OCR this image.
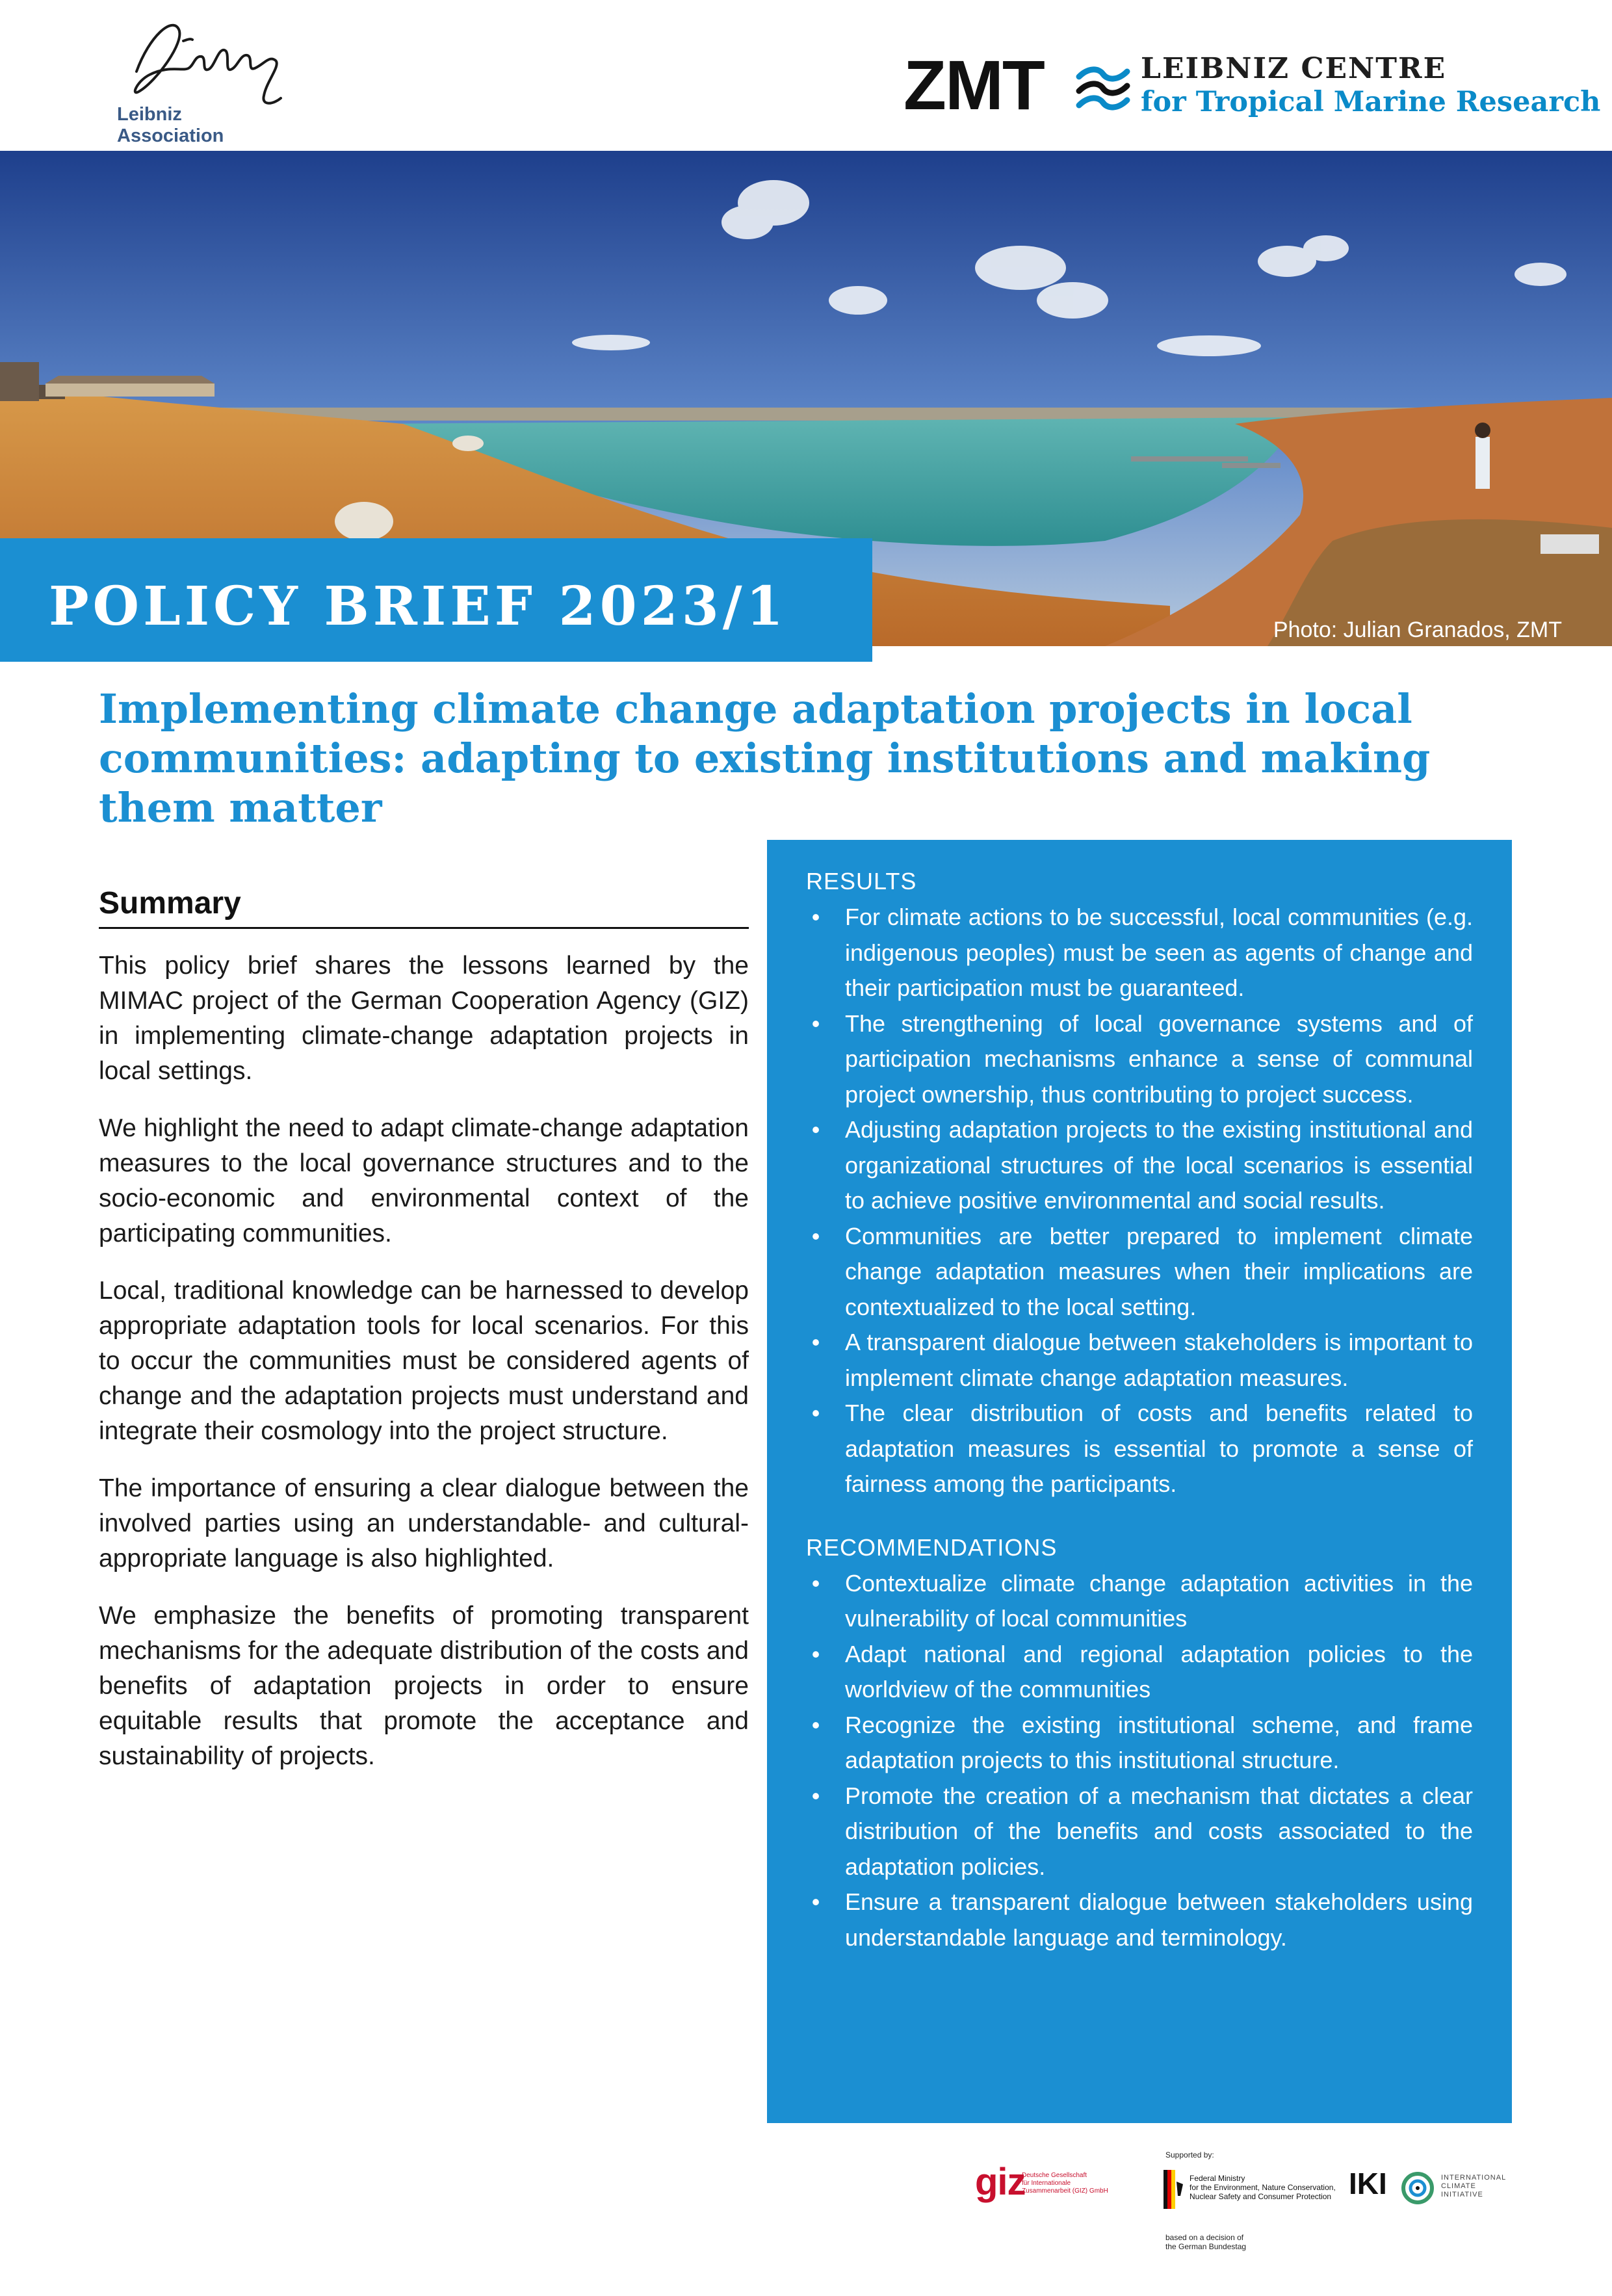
Leibniz
Association
ZMT	LEIBNIZ CENTRE
for Tropical Marine Research
POLICY BRIEF 2023/1	Photo: Julian Granados, ZMT
Implementing climate change adaptation projects in local communities: adapting to existing institutions and making them matter
Summary

This policy brief shares the lessons learned by the MIMAC project of the German Cooperation Agency (GIZ) in implementing climate-change adaptation projects in local settings.

We highlight the need to adapt climate-change adaptation measures to the local governance structures and to the socio-economic and environmental context of the participating communities.

Local, traditional knowledge can be harnessed to develop appropriate adaptation tools for local scenarios. For this to occur the communities must be considered agents of change and the adaptation projects must understand and integrate their cosmology into the project structure.

The importance of ensuring a clear dialogue between the involved parties using an understandable- and cultural-appropriate language is also highlighted.

We emphasize the benefits of promoting transparent mechanisms for the adequate distribution of the costs and benefits of adaptation projects in order to ensure equitable results that promote the acceptance and sustainability of projects.

RESULTS
• For climate actions to be successful, local communities (e.g. indigenous peoples) must be seen as agents of change and their participation must be guaranteed.
• The strengthening of local governance systems and of participation mechanisms enhance a sense of communal project ownership, thus contributing to project success.
• Adjusting adaptation projects to the existing institutional and organizational structures of the local scenarios is essential to achieve positive environmental and social results.
• Communities are better prepared to implement climate change adaptation measures when their implications are contextualized to the local setting.
• A transparent dialogue between stakeholders is important to implement climate change adaptation measures.
• The clear distribution of costs and benefits related to adaptation measures is essential to promote a sense of fairness among the participants.
RECOMMENDATIONS
• Contextualize climate change adaptation activities in the vulnerability of local communities
• Adapt national and regional adaptation policies to the worldview of the communities
• Recognize the existing institutional scheme, and frame adaptation projects to this institutional structure.
• Promote the creation of a mechanism that dictates a clear distribution of the benefits and costs associated to the adaptation policies.
• Ensure a transparent dialogue between stakeholders using understandable language and terminology.
giz
Deutsche Gesellschaft
für Internationale
Zusammenarbeit (GIZ) GmbH
Supported by:
Federal Ministry
for the Environment, Nature Conservation,
Nuclear Safety and Consumer Protection
based on a decision of
the German Bundestag
IKI	INTERNATIONAL
CLIMATE
INITIATIVE
